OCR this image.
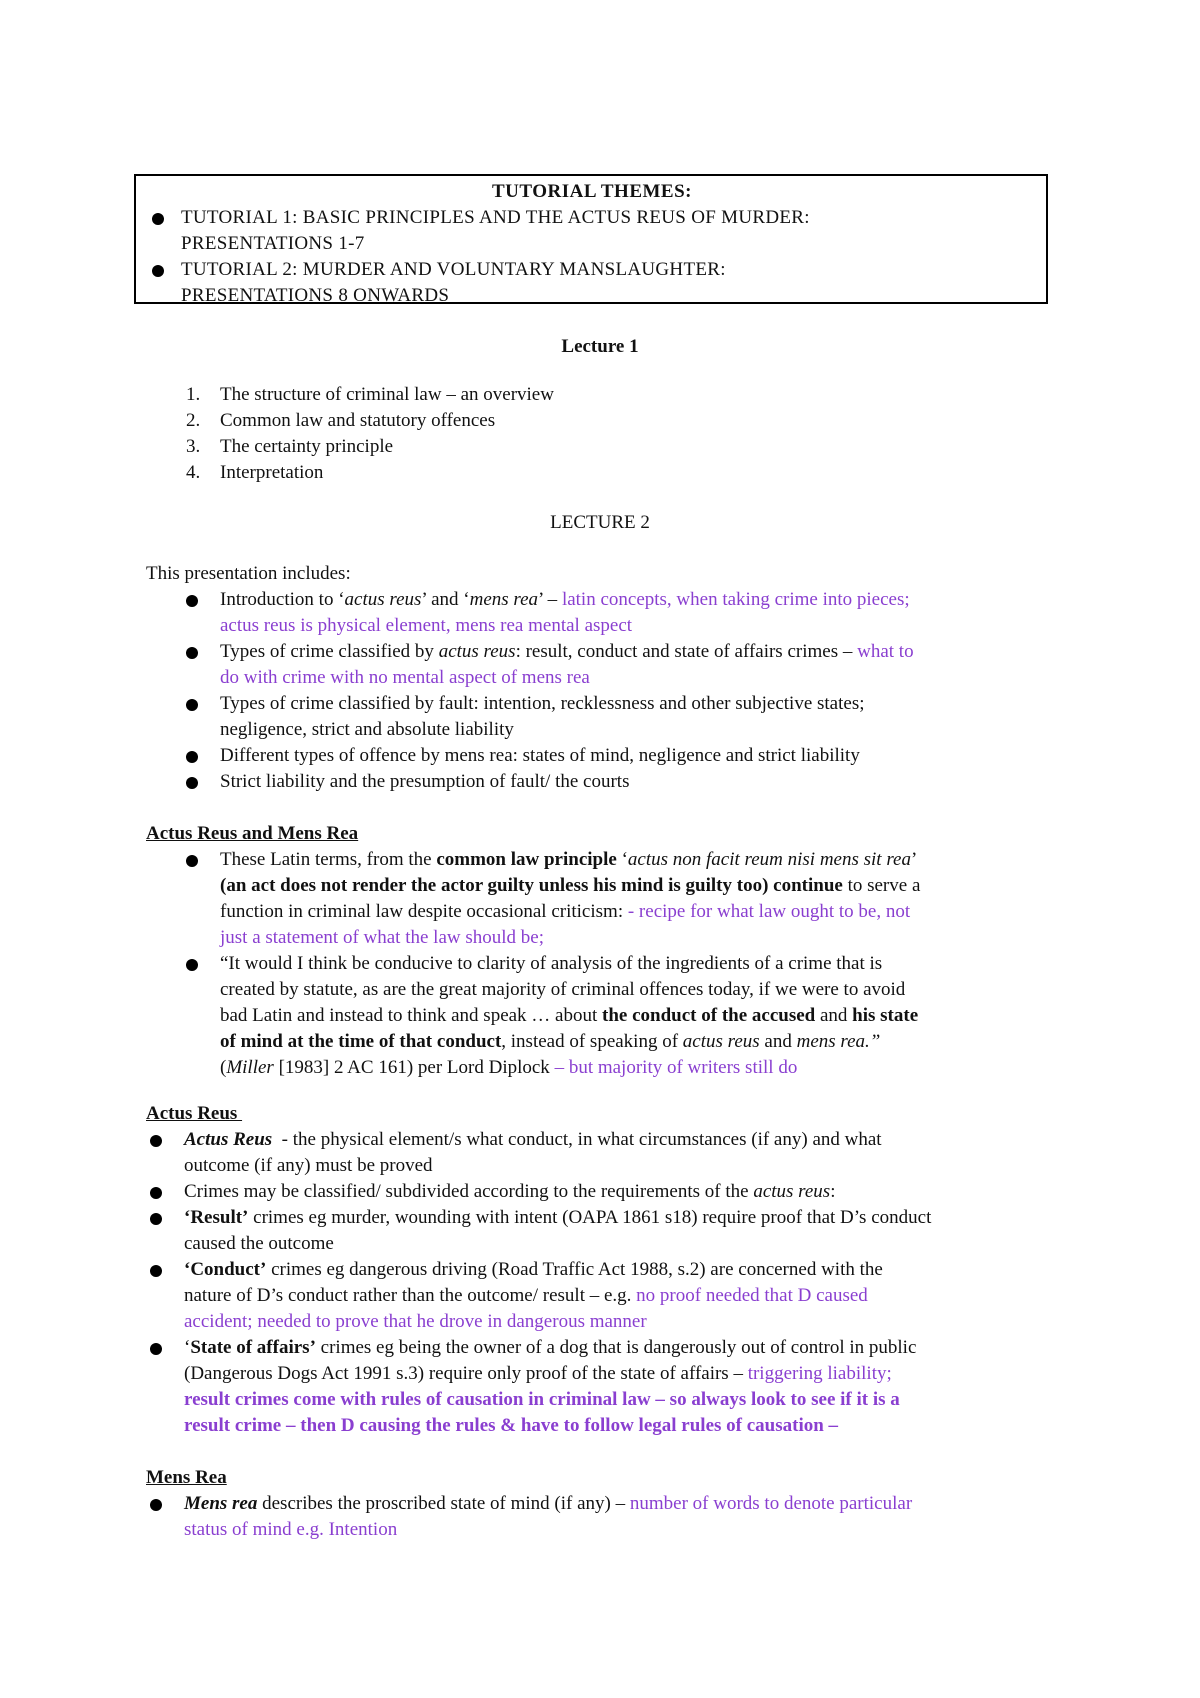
TUTORIAL THEMES:
TUTORIAL 1: BASIC PRINCIPLES AND THE ACTUS REUS OF MURDER:
PRESENTATIONS 1-7
TUTORIAL 2: MURDER AND VOLUNTARY MANSLAUGHTER:
PRESENTATIONS 8 ONWARDS
Lecture 1
1. The structure of criminal law – an overview
2. Common law and statutory offences
3. The certainty principle
4. Interpretation
LECTURE 2
This presentation includes:
Introduction to ‘actus reus’ and ‘mens rea’ – latin concepts, when taking crime into pieces;
actus reus is physical element, mens rea mental aspect
Types of crime classified by actus reus: result, conduct and state of affairs crimes – what to
do with crime with no mental aspect of mens rea
Types of crime classified by fault: intention, recklessness and other subjective states;
negligence, strict and absolute liability
Different types of offence by mens rea: states of mind, negligence and strict liability
Strict liability and the presumption of fault/ the courts
Actus Reus and Mens Rea
These Latin terms, from the common law principle ‘actus non facit reum nisi mens sit rea’
(an act does not render the actor guilty unless his mind is guilty too) continue to serve a
function in criminal law despite occasional criticism: - recipe for what law ought to be, not
just a statement of what the law should be;
“It would I think be conducive to clarity of analysis of the ingredients of a crime that is
created by statute, as are the great majority of criminal offences today, if we were to avoid
bad Latin and instead to think and speak … about the conduct of the accused and his state
of mind at the time of that conduct, instead of speaking of actus reus and mens rea.”
(Miller [1983] 2 AC 161) per Lord Diplock – but majority of writers still do
Actus Reus
Actus Reus  - the physical element/s what conduct, in what circumstances (if any) and what
outcome (if any) must be proved
Crimes may be classified/ subdivided according to the requirements of the actus reus:
‘Result’ crimes eg murder, wounding with intent (OAPA 1861 s18) require proof that D’s conduct
caused the outcome
‘Conduct’ crimes eg dangerous driving (Road Traffic Act 1988, s.2) are concerned with the
nature of D’s conduct rather than the outcome/ result – e.g. no proof needed that D caused
accident; needed to prove that he drove in dangerous manner
‘State of affairs’ crimes eg being the owner of a dog that is dangerously out of control in public
(Dangerous Dogs Act 1991 s.3) require only proof of the state of affairs – triggering liability;
result crimes come with rules of causation in criminal law – so always look to see if it is a
result crime – then D causing the rules & have to follow legal rules of causation –
Mens Rea
Mens rea describes the proscribed state of mind (if any) – number of words to denote particular
status of mind e.g. Intention
